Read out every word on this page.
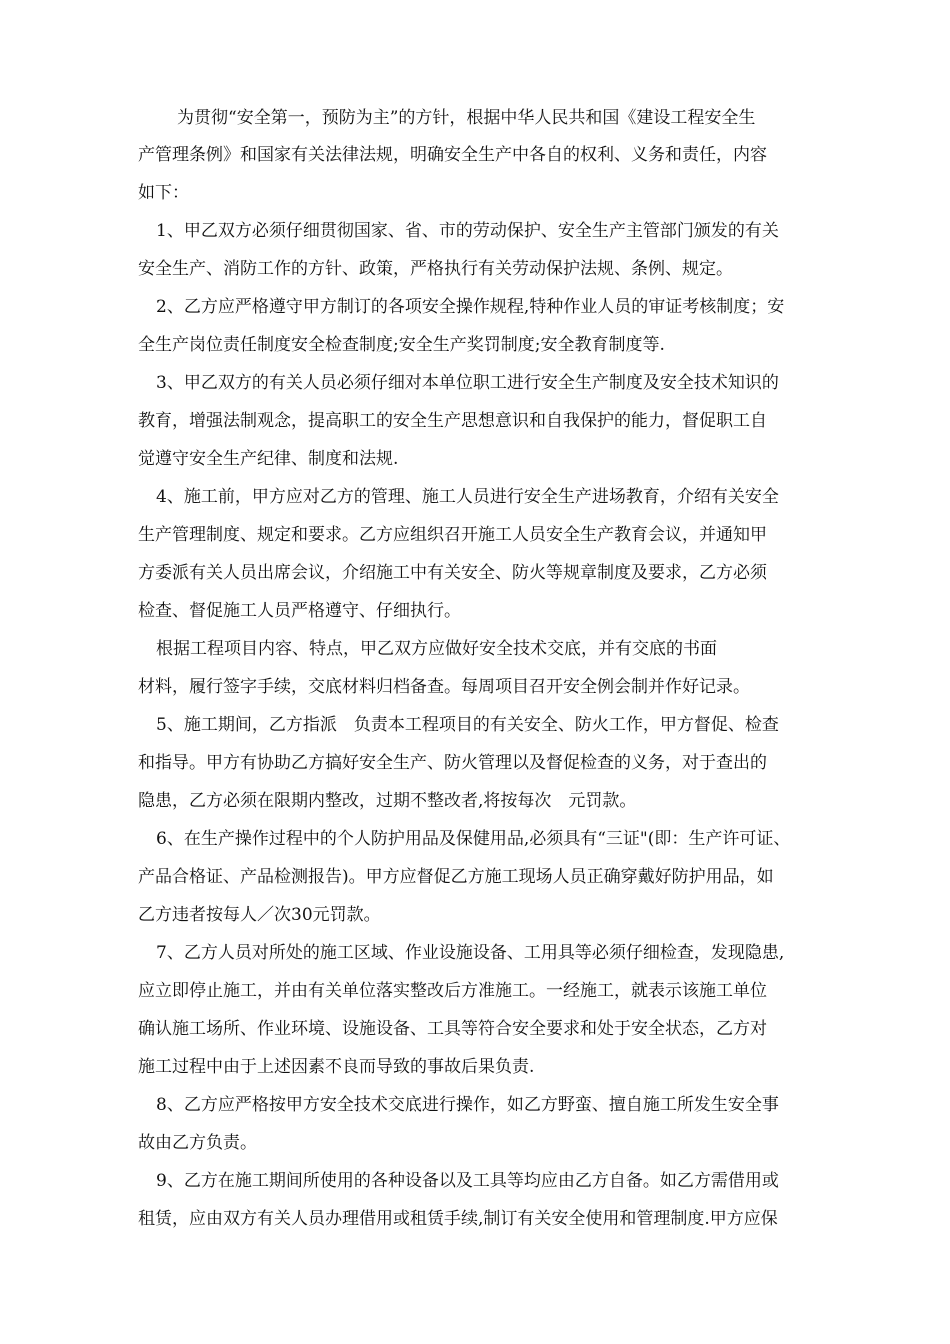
为贯彻“安全第一，预防为主”的方针，根据中华人民共和国《建设工程安全生
产管理条例》和国家有关法律法规，明确安全生产中各自的权利、义务和责任，内容
如下：
1、甲乙双方必须仔细贯彻国家、省、市的劳动保护、安全生产主管部门颁发的有关
安全生产、消防工作的方针、政策，严格执行有关劳动保护法规、条例、规定。
2、乙方应严格遵守甲方制订的各项安全操作规程,特种作业人员的审证考核制度；安
全生产岗位责任制度安全检查制度;安全生产奖罚制度;安全教育制度等.
3、甲乙双方的有关人员必须仔细对本单位职工进行安全生产制度及安全技术知识的
教育，增强法制观念，提高职工的安全生产思想意识和自我保护的能力，督促职工自
觉遵守安全生产纪律、制度和法规.
4、施工前，甲方应对乙方的管理、施工人员进行安全生产进场教育，介绍有关安全
生产管理制度、规定和要求。乙方应组织召开施工人员安全生产教育会议，并通知甲
方委派有关人员出席会议，介绍施工中有关安全、防火等规章制度及要求，乙方必须
检查、督促施工人员严格遵守、仔细执行。
根据工程项目内容、特点，甲乙双方应做好安全技术交底，并有交底的书面
材料，履行签字手续，交底材料归档备查。每周项目召开安全例会制并作好记录。
5、施工期间，乙方指派　负责本工程项目的有关安全、防火工作，甲方督促、检查
和指导。甲方有协助乙方搞好安全生产、防火管理以及督促检查的义务，对于查出的
隐患，乙方必须在限期内整改，过期不整改者,将按每次　元罚款。
6、在生产操作过程中的个人防护用品及保健用品,必须具有“三证"(即：生产许可证、
产品合格证、产品检测报告)。甲方应督促乙方施工现场人员正确穿戴好防护用品，如
乙方违者按每人／次30元罚款。
7、乙方人员对所处的施工区域、作业设施设备、工用具等必须仔细检查，发现隐患,
应立即停止施工，并由有关单位落实整改后方准施工。一经施工，就表示该施工单位
确认施工场所、作业环境、设施设备、工具等符合安全要求和处于安全状态，乙方对
施工过程中由于上述因素不良而导致的事故后果负责.
8、乙方应严格按甲方安全技术交底进行操作，如乙方野蛮、擅自施工所发生安全事
故由乙方负责。
9、乙方在施工期间所使用的各种设备以及工具等均应由乙方自备。如乙方需借用或
租赁，应由双方有关人员办理借用或租赁手续,制订有关安全使用和管理制度.甲方应保
